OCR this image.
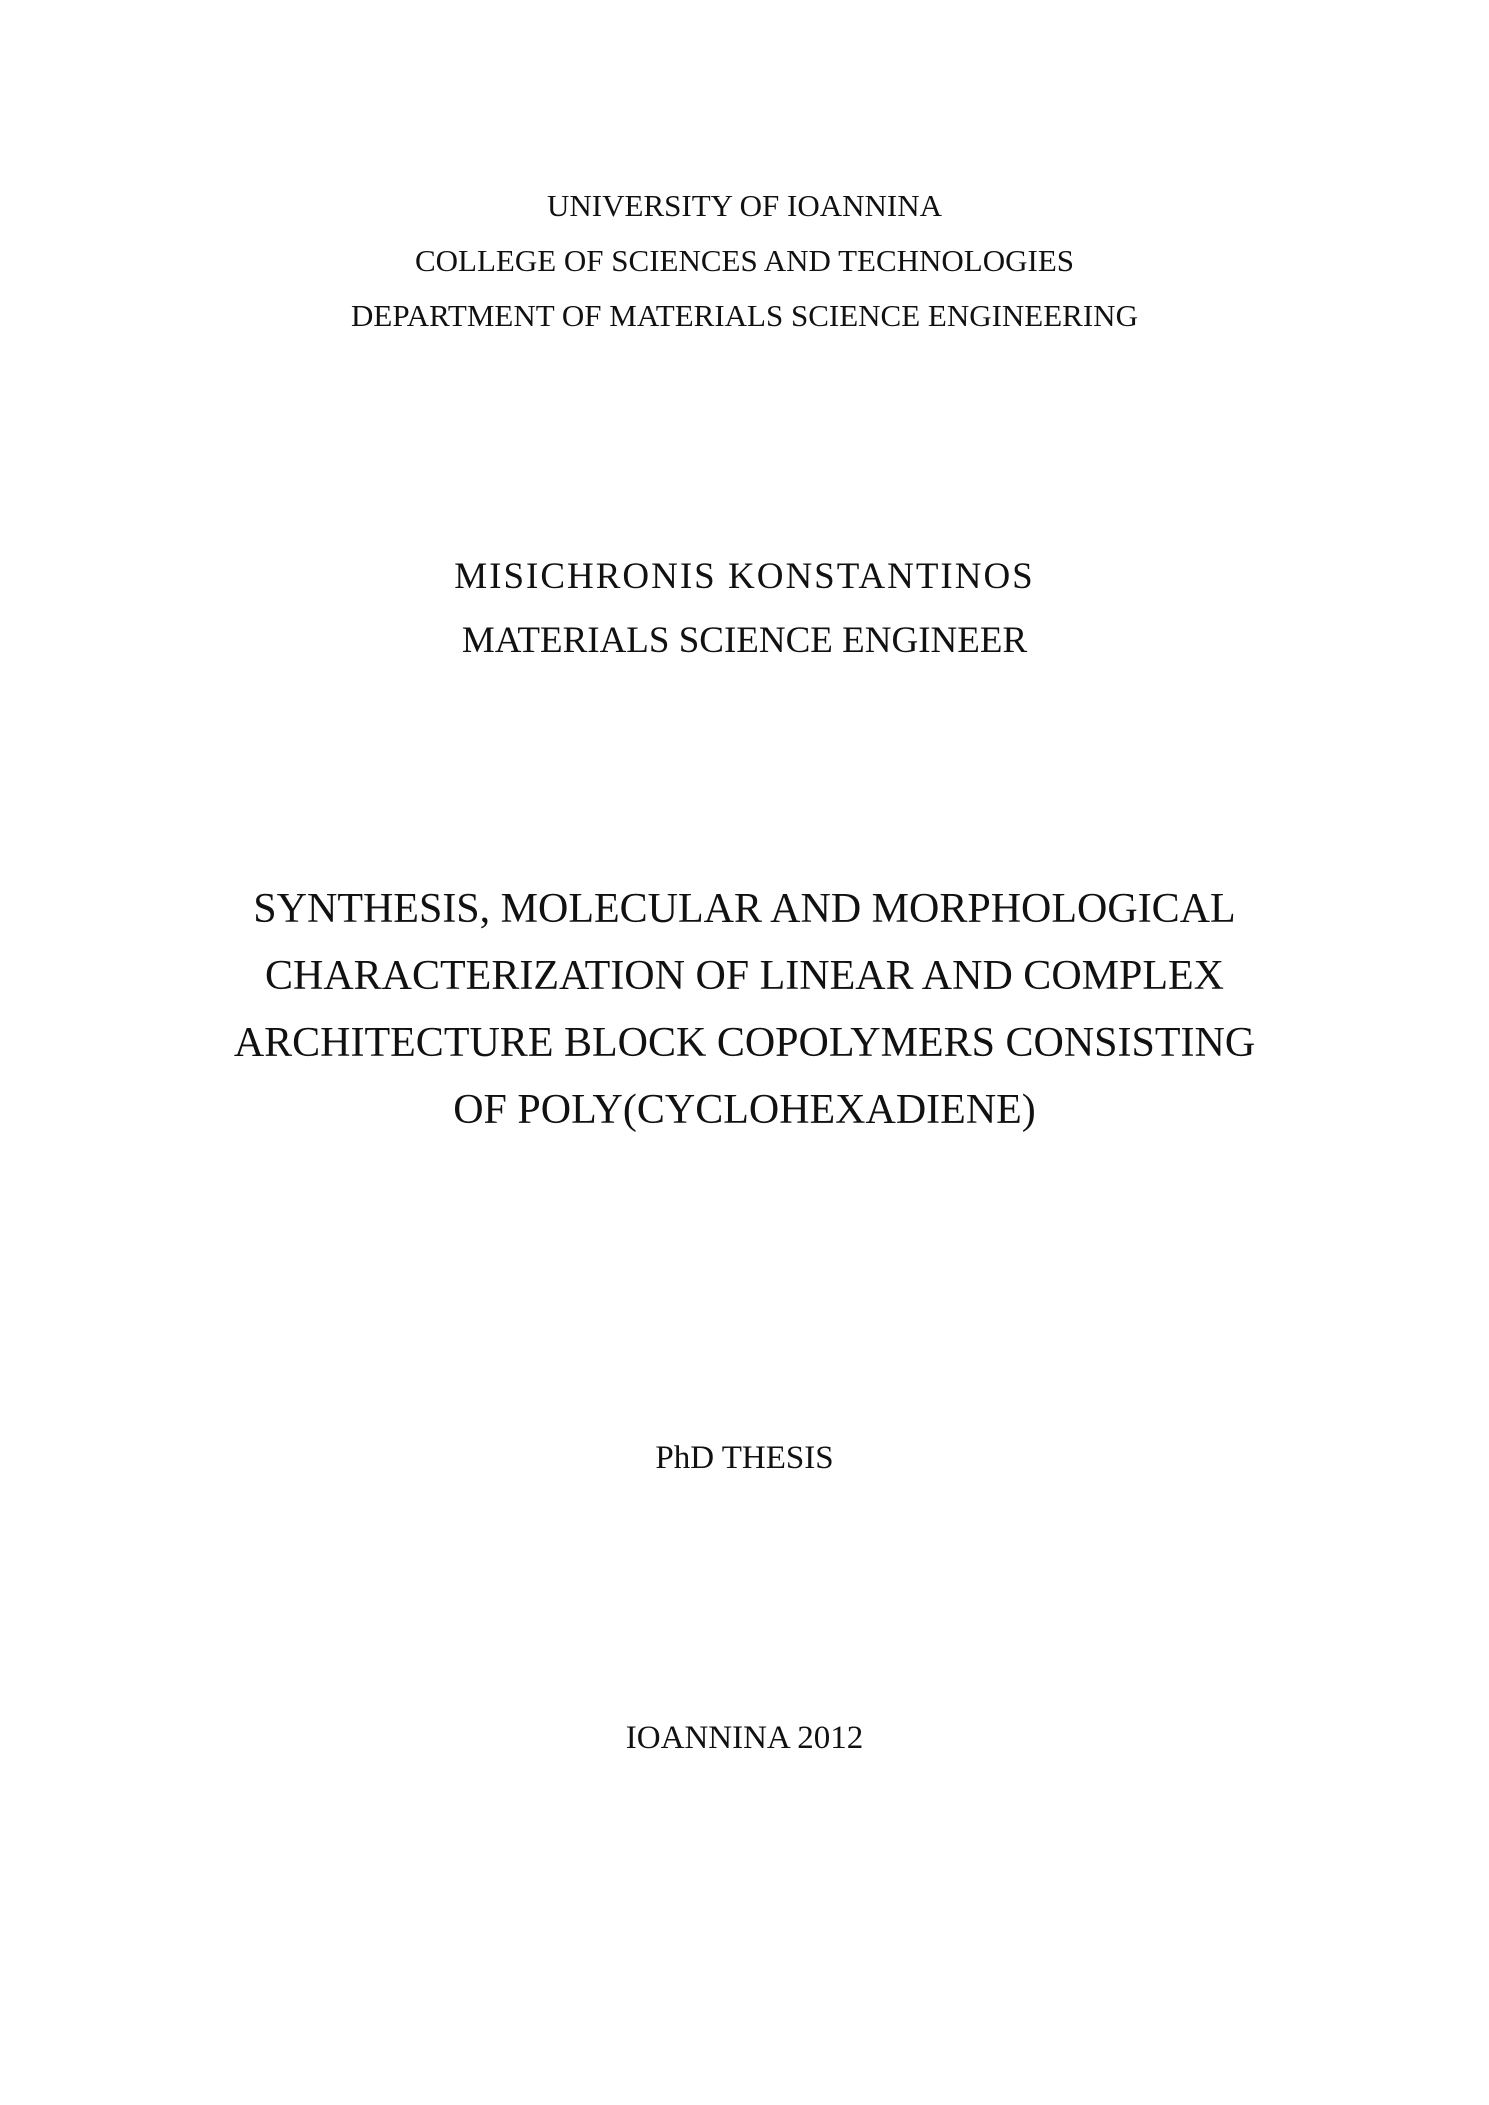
UNIVERSITY OF IOANNINA
COLLEGE OF SCIENCES AND TECHNOLOGIES
DEPARTMENT OF MATERIALS SCIENCE ENGINEERING
MISICHRONIS KONSTANTINOS
MATERIALS SCIENCE ENGINEER
SYNTHESIS, MOLECULAR AND MORPHOLOGICAL
CHARACTERIZATION OF LINEAR AND COMPLEX
ARCHITECTURE BLOCK COPOLYMERS CONSISTING
OF POLY(CYCLOHEXADIENE)
PhD THESIS
IOANNINA 2012
